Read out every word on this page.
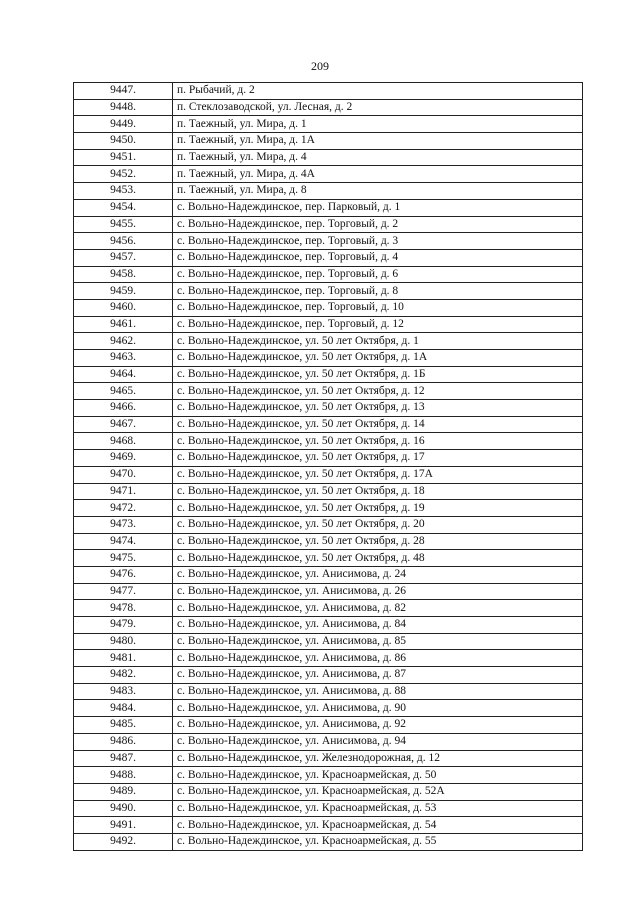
209
9447.	п. Рыбачий, д. 2
9448.	п. Стеклозаводской, ул. Лесная, д. 2
9449.	п. Таежный, ул. Мира, д. 1
9450.	п. Таежный, ул. Мира, д. 1А
9451.	п. Таежный, ул. Мира, д. 4
9452.	п. Таежный, ул. Мира, д. 4А
9453.	п. Таежный, ул. Мира, д. 8
9454.	с. Вольно-Надеждинское, пер. Парковый, д. 1
9455.	с. Вольно-Надеждинское, пер. Торговый, д. 2
9456.	с. Вольно-Надеждинское, пер. Торговый, д. 3
9457.	с. Вольно-Надеждинское, пер. Торговый, д. 4
9458.	с. Вольно-Надеждинское, пер. Торговый, д. 6
9459.	с. Вольно-Надеждинское, пер. Торговый, д. 8
9460.	с. Вольно-Надеждинское, пер. Торговый, д. 10
9461.	с. Вольно-Надеждинское, пер. Торговый, д. 12
9462.	с. Вольно-Надеждинское, ул. 50 лет Октября, д. 1
9463.	с. Вольно-Надеждинское, ул. 50 лет Октября, д. 1А
9464.	с. Вольно-Надеждинское, ул. 50 лет Октября, д. 1Б
9465.	с. Вольно-Надеждинское, ул. 50 лет Октября, д. 12
9466.	с. Вольно-Надеждинское, ул. 50 лет Октября, д. 13
9467.	с. Вольно-Надеждинское, ул. 50 лет Октября, д. 14
9468.	с. Вольно-Надеждинское, ул. 50 лет Октября, д. 16
9469.	с. Вольно-Надеждинское, ул. 50 лет Октября, д. 17
9470.	с. Вольно-Надеждинское, ул. 50 лет Октября, д. 17А
9471.	с. Вольно-Надеждинское, ул. 50 лет Октября, д. 18
9472.	с. Вольно-Надеждинское, ул. 50 лет Октября, д. 19
9473.	с. Вольно-Надеждинское, ул. 50 лет Октября, д. 20
9474.	с. Вольно-Надеждинское, ул. 50 лет Октября, д. 28
9475.	с. Вольно-Надеждинское, ул. 50 лет Октября, д. 48
9476.	с. Вольно-Надеждинское, ул. Анисимова, д. 24
9477.	с. Вольно-Надеждинское, ул. Анисимова, д. 26
9478.	с. Вольно-Надеждинское, ул. Анисимова, д. 82
9479.	с. Вольно-Надеждинское, ул. Анисимова, д. 84
9480.	с. Вольно-Надеждинское, ул. Анисимова, д. 85
9481.	с. Вольно-Надеждинское, ул. Анисимова, д. 86
9482.	с. Вольно-Надеждинское, ул. Анисимова, д. 87
9483.	с. Вольно-Надеждинское, ул. Анисимова, д. 88
9484.	с. Вольно-Надеждинское, ул. Анисимова, д. 90
9485.	с. Вольно-Надеждинское, ул. Анисимова, д. 92
9486.	с. Вольно-Надеждинское, ул. Анисимова, д. 94
9487.	с. Вольно-Надеждинское, ул. Железнодорожная, д. 12
9488.	с. Вольно-Надеждинское, ул. Красноармейская, д. 50
9489.	с. Вольно-Надеждинское, ул. Красноармейская, д. 52А
9490.	с. Вольно-Надеждинское, ул. Красноармейская, д. 53
9491.	с. Вольно-Надеждинское, ул. Красноармейская, д. 54
9492.	с. Вольно-Надеждинское, ул. Красноармейская, д. 55
